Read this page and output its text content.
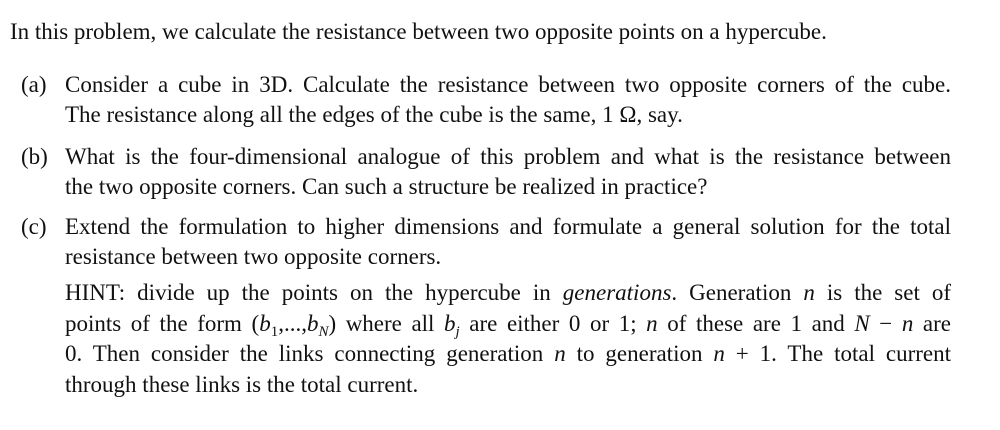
In this problem, we calculate the resistance between two opposite points on a hypercube.
(a) Consider a cube in 3D. Calculate the resistance between two opposite corners of the cube.
The resistance along all the edges of the cube is the same, 1 Ω, say.
(b) What is the four-dimensional analogue of this problem and what is the resistance between
the two opposite corners. Can such a structure be realized in practice?
(c) Extend the formulation to higher dimensions and formulate a general solution for the total
resistance between two opposite corners.
HINT: divide up the points on the hypercube in generations. Generation n is the set of
points of the form $(b_1,...,b_N)$ where all $b_j$ are either 0 or 1; n of these are 1 and N − n are
0. Then consider the links connecting generation n to generation n + 1. The total current
through these links is the total current.
